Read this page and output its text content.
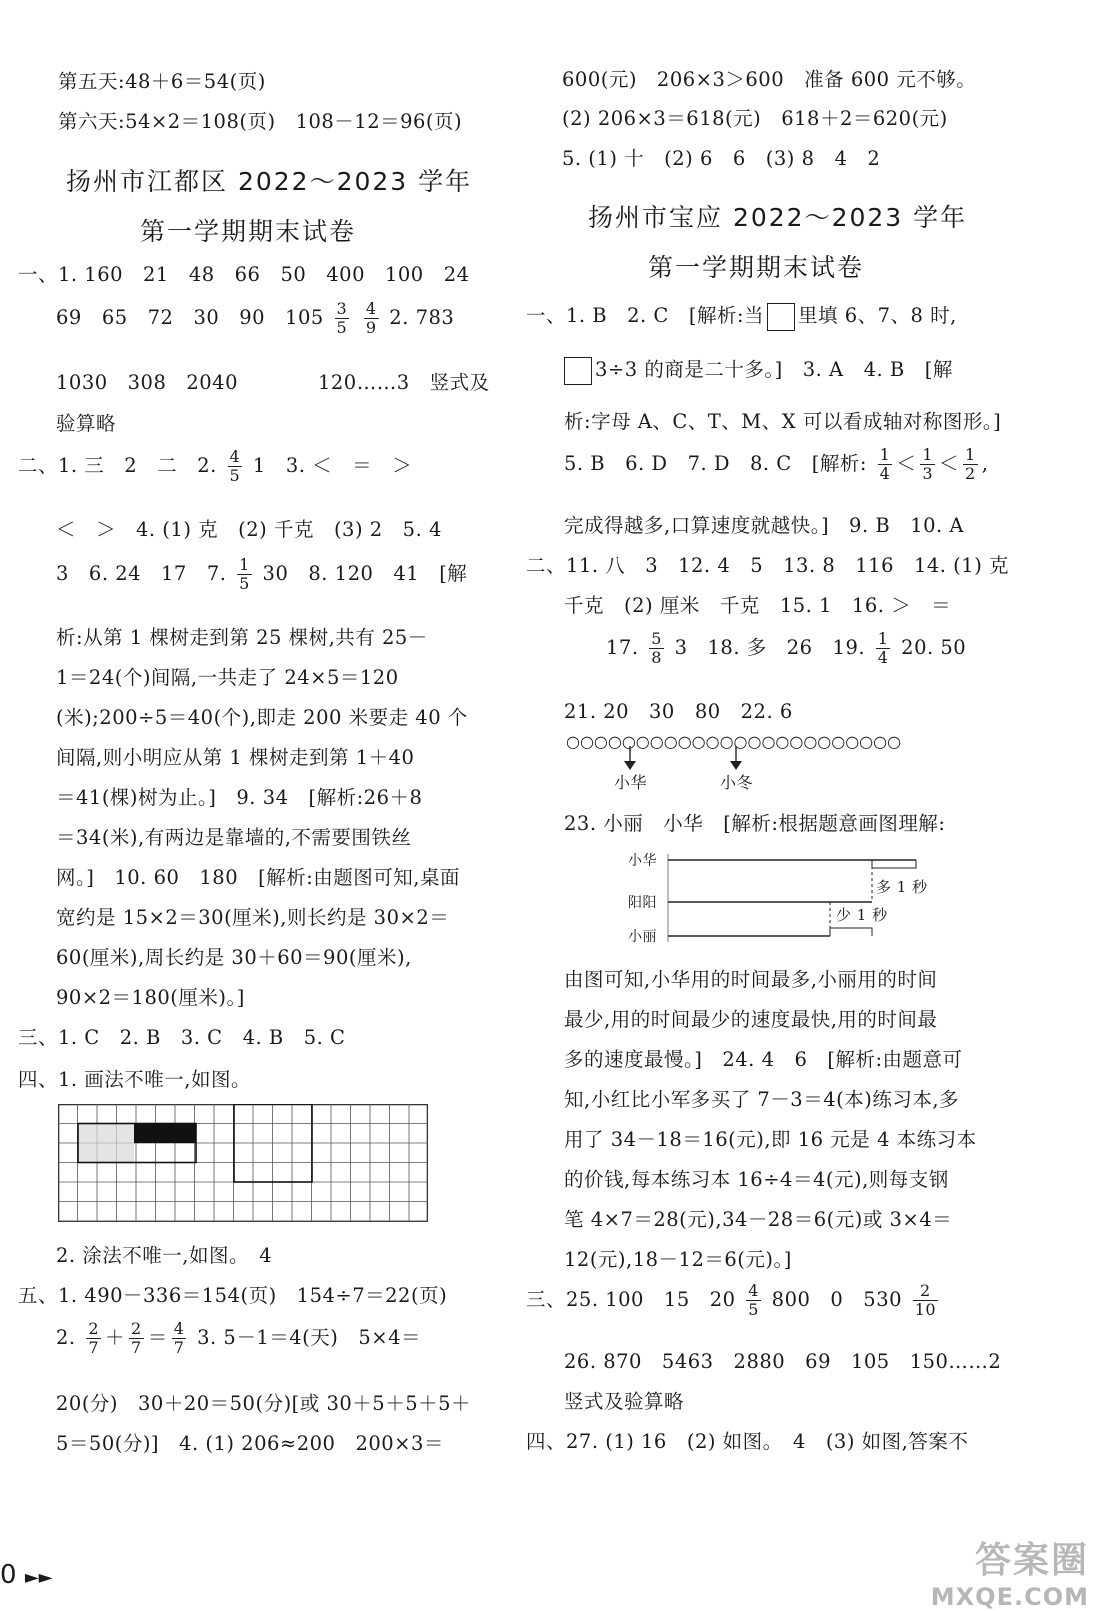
第五天:48＋6＝54(页)
第六天:54×2＝108(页)　108－12＝96(页)
扬州市江都区 2022～2023 学年
第一学期期末试卷
一、1. 160　21　48　66　50　400　100　24
69　65　72　30　90　$105 \frac{3}{5}$
$\frac{4}{9} 2$. 783
1030　308　2040　　　　120……3　竖式及
验算略
二、1. 三　2　二　2. $\frac{4}{5} 1$　3. ＜　＝　＞
＜　＞　4. (1) 克　(2) 千克　(3) 2　5. 4
3　6. 24　17　7. $\frac{1}{5} 30$　8. 120　41　[解
析:从第 1 棵树走到第 25 棵树,共有 25－
1＝24(个)间隔,一共走了 24×5＝120
(米);200÷5＝40(个),即走 200 米要走 40 个
间隔,则小明应从第 1 棵树走到第 1＋40
＝41(棵)树为止。]　9. 34　[解析:26＋8
＝34(米),有两边是靠墙的,不需要围铁丝
网。]　10. 60　180　[解析:由题图可知,桌面
宽约是 15×2＝30(厘米),则长约是 30×2＝
60(厘米),周长约是 30＋60＝90(厘米),
90×2＝180(厘米)。]
三、1. C　2. B　3. C　4. B　5. C
四、1. 画法不唯一,如图。
2. 涂法不唯一,如图。　4
五、1. 490－336＝154(页)　154÷7＝22(页)
2. $\frac{2}{7} + \frac{2}{7} = \frac{4}{7} 3$. 5－1＝4(天)　5×4＝
20(分)　30＋20＝50(分)[或 30＋5＋5＋5＋
5＝50(分)]　4. (1) 206≈200　200×3＝
600(元)　206×3＞600　准备 600 元不够。
(2) 206×3＝618(元)　618＋2＝620(元)
5. (1) 十　(2) 6　6　(3) 8　4　2
扬州市宝应 2022～2023 学年
第一学期期末试卷
一、1. B　2. C　[解析:当 里填 6、7、8 时,
3÷3 的商是二十多。]　3. A　4. B　[解
析:字母 A、C、T、M、X 可以看成轴对称图形。]
5. B　6. D　7. D　8. C　[解析: $\frac{1}{4} < \frac{1}{3} < \frac{1}{2}$ ,
完成得越多,口算速度就越快。]　9. B　10. A
二、11. 八　3　12. 4　5　13. 8　116　14. (1) 克
千克　(2) 厘米　千克　15. 1　16. ＞　＝
17. $\frac{5}{8} 3$　18. 多　26　19. $\frac{1}{4} 20$. 50
21. 20　30　80　22. 6
○○○○○○○○○○○○○○○○○○○○○○○○
小华	小冬
23. 小丽　小华　[解析:根据题意画图理解:
小华
阳阳
小丽
多 1 秒
少 1 秒
由图可知,小华用的时间最多,小丽用的时间
最少,用的时间最少的速度最快,用的时间最
多的速度最慢。]　24. 4　6　[解析:由题意可
知,小红比小军多买了 7－3＝4(本)练习本,多
用了 34－18＝16(元),即 16 元是 4 本练习本
的价钱,每本练习本 16÷4＝4(元),则每支钢
笔 4×7＝28(元),34－28＝6(元)或 3×4＝
12(元),18－12＝6(元)。]
三、25. 100　15　$20 \frac{4}{5} 800$　0　$530 \frac{2}{10}$
26. 870　5463　2880　69　105　150……2
竖式及验算略
四、27. (1) 16　(2) 如图。　4　(3) 如图,答案不
0 ►►	答案圈
MXQE.COM
